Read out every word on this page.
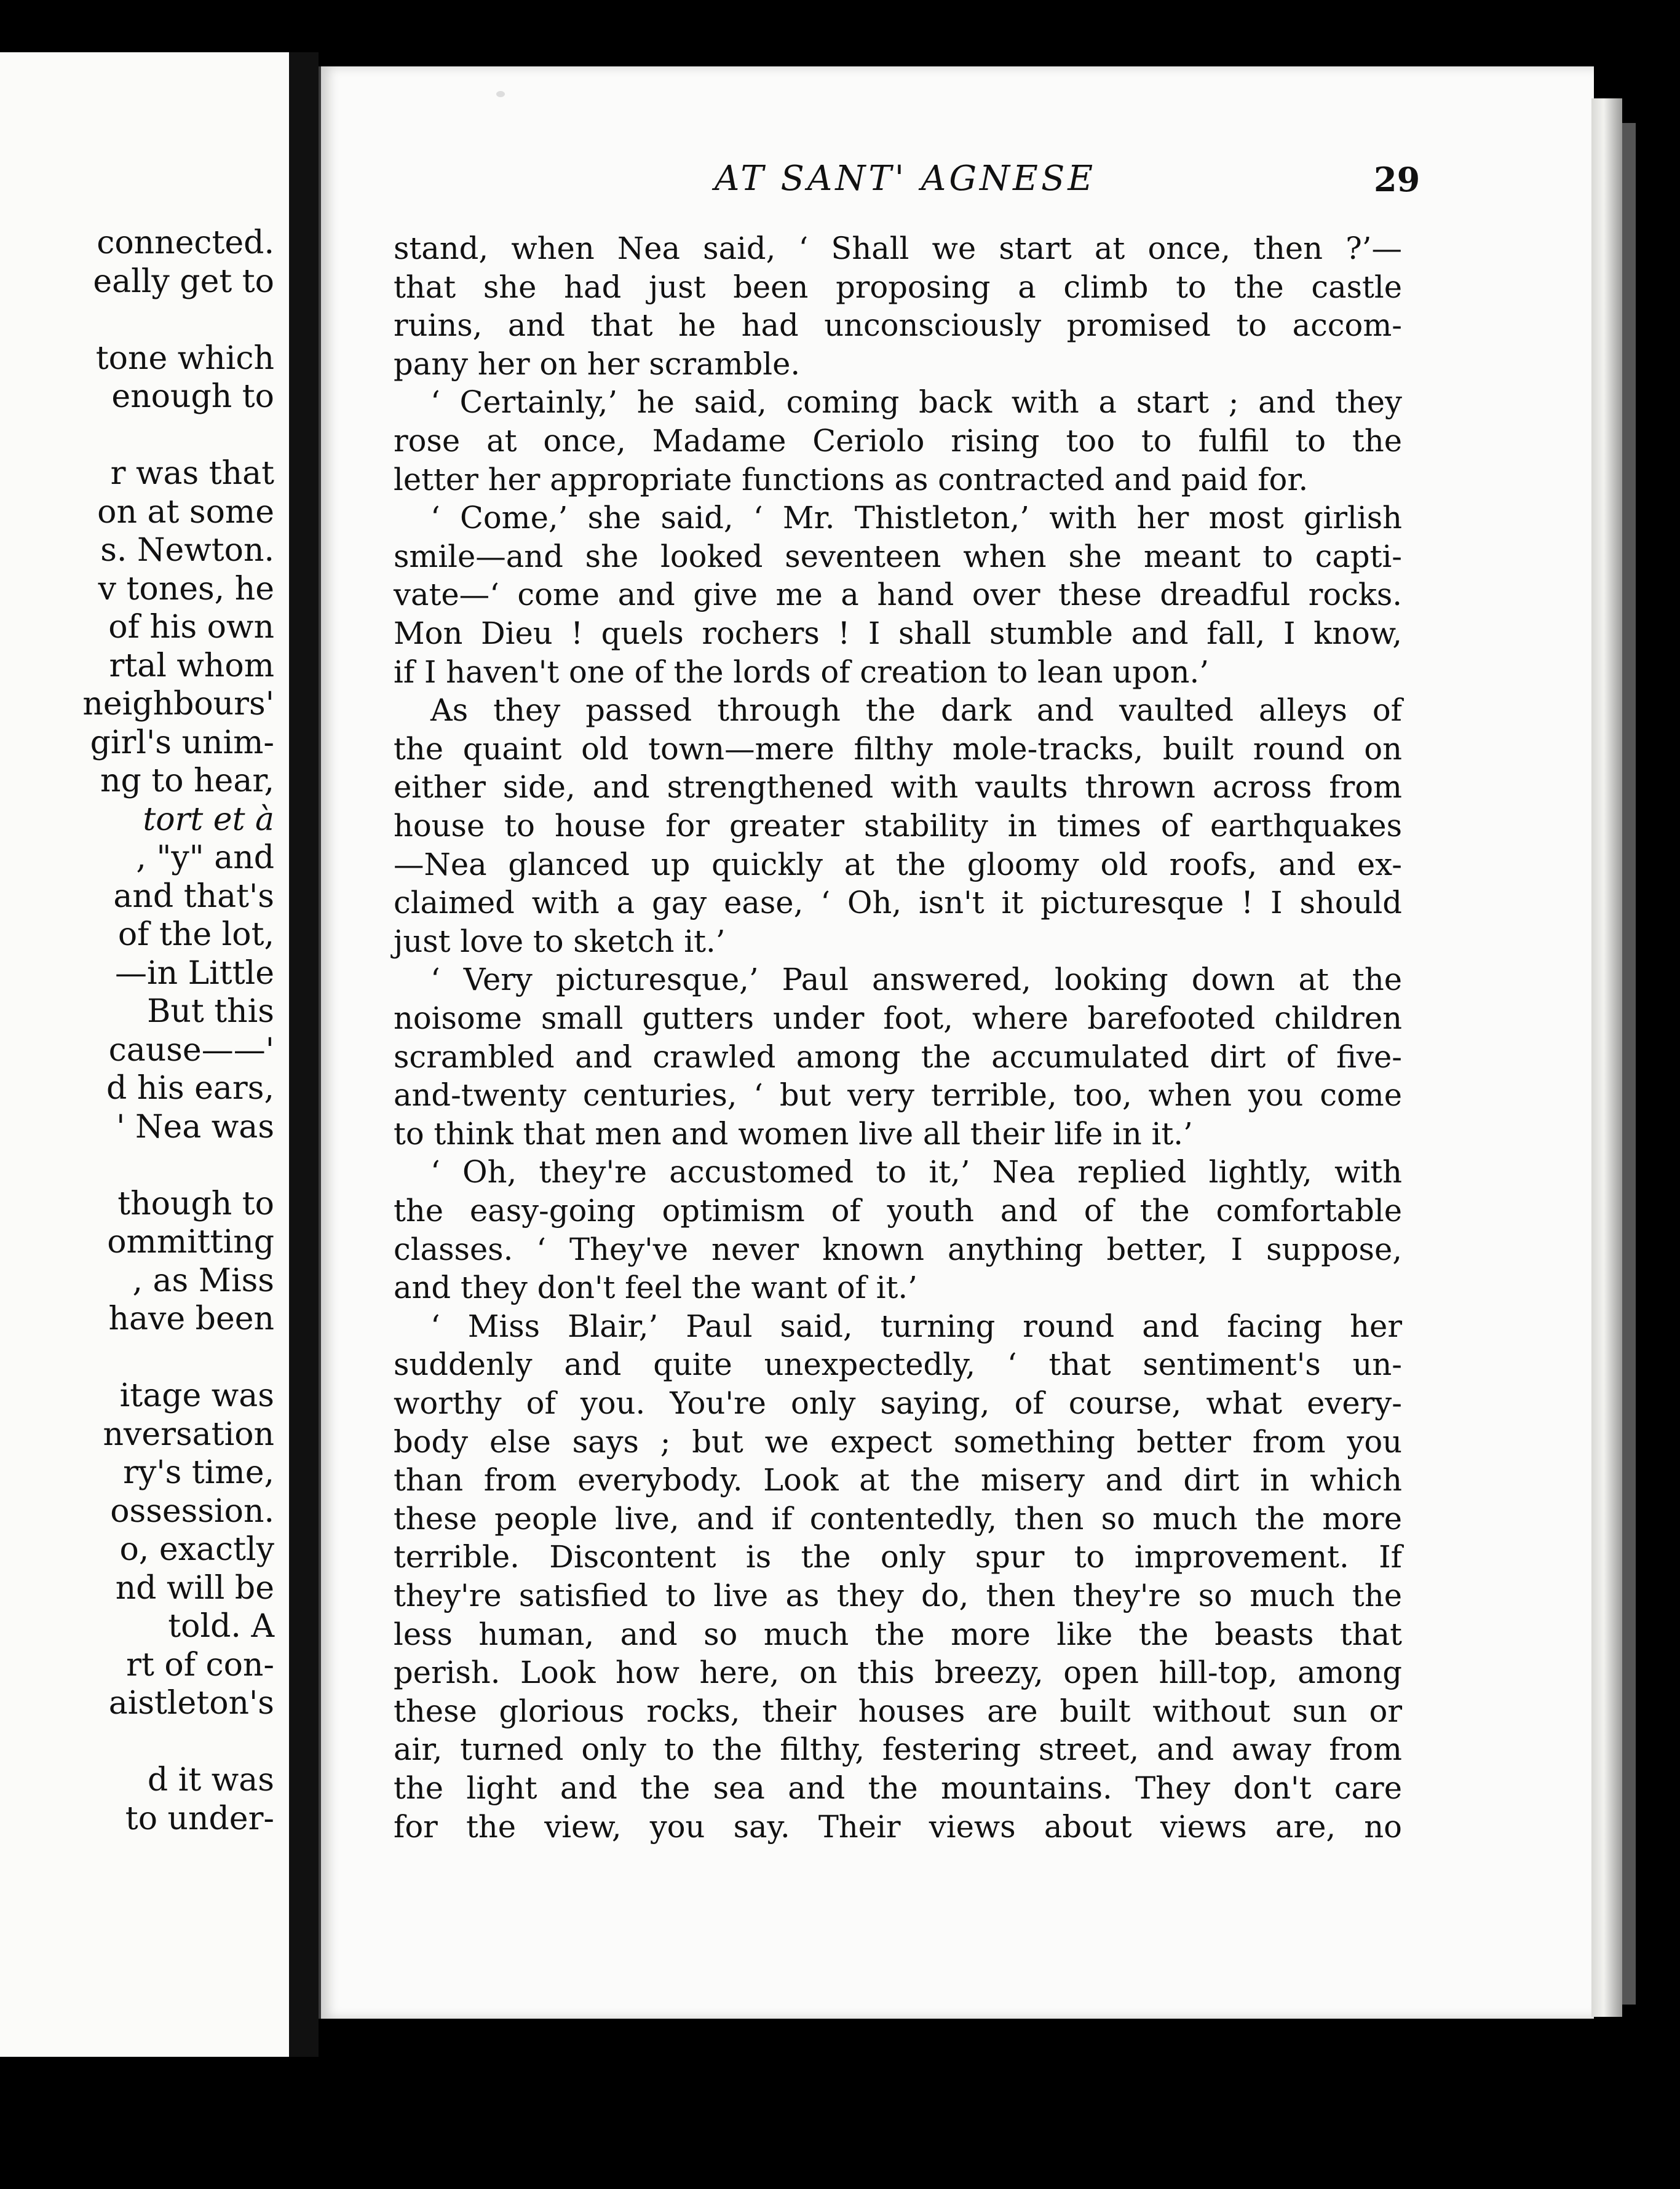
connected.
eally get to
tone which
enough to
r was that
on at some
s. Newton.
v tones, he
of his own
rtal whom
neighbours'
girl's unim-
ng to hear,
tort et à
, "y" and
and that's
of the lot,
—in Little
But this
cause——'
d his ears,
' Nea was
though to
ommitting
, as Miss
have been
itage was
nversation
ry's time,
ossession.
o, exactly
nd will be
told. A
rt of con-
aistleton's
d it was
to under-
AT SANT' AGNESE	29
stand, when Nea said, ‘ Shall we start at once, then ?’—
that she had just been proposing a climb to the castle
ruins, and that he had unconsciously promised to accom-
pany her on her scramble.
‘ Certainly,’ he said, coming back with a start ; and they
rose at once, Madame Ceriolo rising too to fulfil to the
letter her appropriate functions as contracted and paid for.
‘ Come,’ she said, ‘ Mr. Thistleton,’ with her most girlish
smile—and she looked seventeen when she meant to capti-
vate—‘ come and give me a hand over these dreadful rocks.
Mon Dieu ! quels rochers ! I shall stumble and fall, I know,
if I haven't one of the lords of creation to lean upon.’
As they passed through the dark and vaulted alleys of
the quaint old town—mere filthy mole-tracks, built round on
either side, and strengthened with vaults thrown across from
house to house for greater stability in times of earthquakes
—Nea glanced up quickly at the gloomy old roofs, and ex-
claimed with a gay ease, ‘ Oh, isn't it picturesque ! I should
just love to sketch it.’
‘ Very picturesque,’ Paul answered, looking down at the
noisome small gutters under foot, where barefooted children
scrambled and crawled among the accumulated dirt of five-
and-twenty centuries, ‘ but very terrible, too, when you come
to think that men and women live all their life in it.’
‘ Oh, they're accustomed to it,’ Nea replied lightly, with
the easy-going optimism of youth and of the comfortable
classes. ‘ They've never known anything better, I suppose,
and they don't feel the want of it.’
‘ Miss Blair,’ Paul said, turning round and facing her
suddenly and quite unexpectedly, ‘ that sentiment's un-
worthy of you. You're only saying, of course, what every-
body else says ; but we expect something better from you
than from everybody. Look at the misery and dirt in which
these people live, and if contentedly, then so much the more
terrible. Discontent is the only spur to improvement. If
they're satisfied to live as they do, then they're so much the
less human, and so much the more like the beasts that
perish. Look how here, on this breezy, open hill-top, among
these glorious rocks, their houses are built without sun or
air, turned only to the filthy, festering street, and away from
the light and the sea and the mountains. They don't care
for the view, you say. Their views about views are, no
